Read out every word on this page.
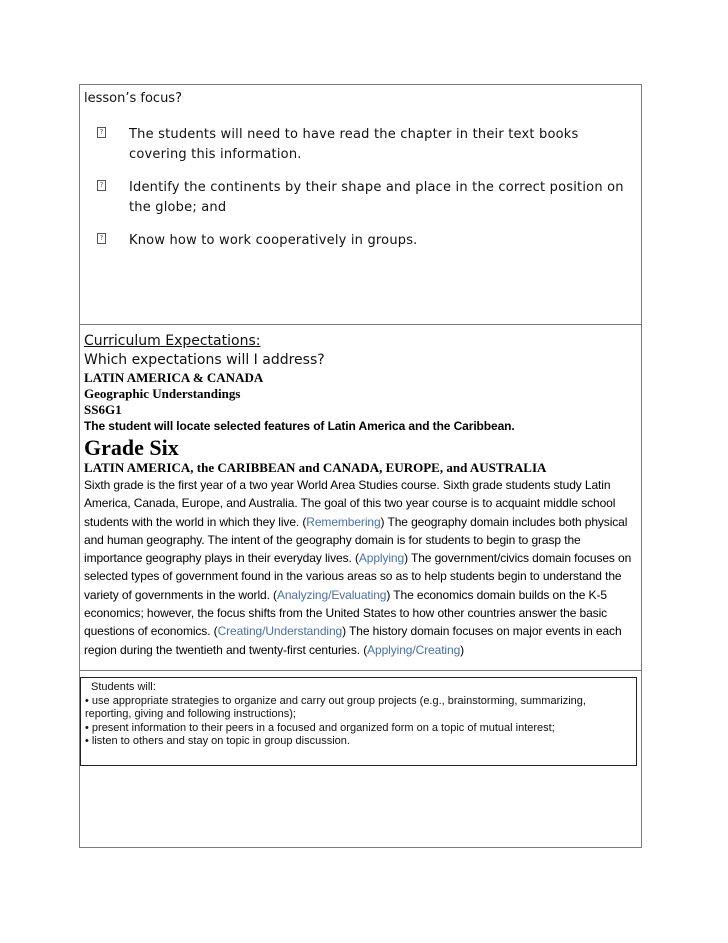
lesson’s focus?
? The students will need to have read the chapter in their text books covering this information.
? Identify the continents by their shape and place in the correct position on the globe; and
? Know how to work cooperatively in groups.
Curriculum Expectations:
Which expectations will I address?
LATIN AMERICA & CANADA
Geographic Understandings
SS6G1
The student will locate selected features of Latin America and the Caribbean.
Grade Six
LATIN AMERICA, the CARIBBEAN and CANADA, EUROPE, and AUSTRALIA
Sixth grade is the first year of a two year World Area Studies course. Sixth grade students study Latin America, Canada, Europe, and Australia. The goal of this two year course is to acquaint middle school students with the world in which they live. (Remembering) The geography domain includes both physical and human geography. The intent of the geography domain is for students to begin to grasp the importance geography plays in their everyday lives. (Applying) The government/civics domain focuses on selected types of government found in the various areas so as to help students begin to understand the variety of governments in the world. (Analyzing/Evaluating) The economics domain builds on the K-5 economics; however, the focus shifts from the United States to how other countries answer the basic questions of economics. (Creating/Understanding) The history domain focuses on major events in each region during the twentieth and twenty-first centuries. (Applying/Creating)
Students will:
• use appropriate strategies to organize and carry out group projects (e.g., brainstorming, summarizing, reporting, giving and following instructions);
• present information to their peers in a focused and organized form on a topic of mutual interest;
• listen to others and stay on topic in group discussion.
